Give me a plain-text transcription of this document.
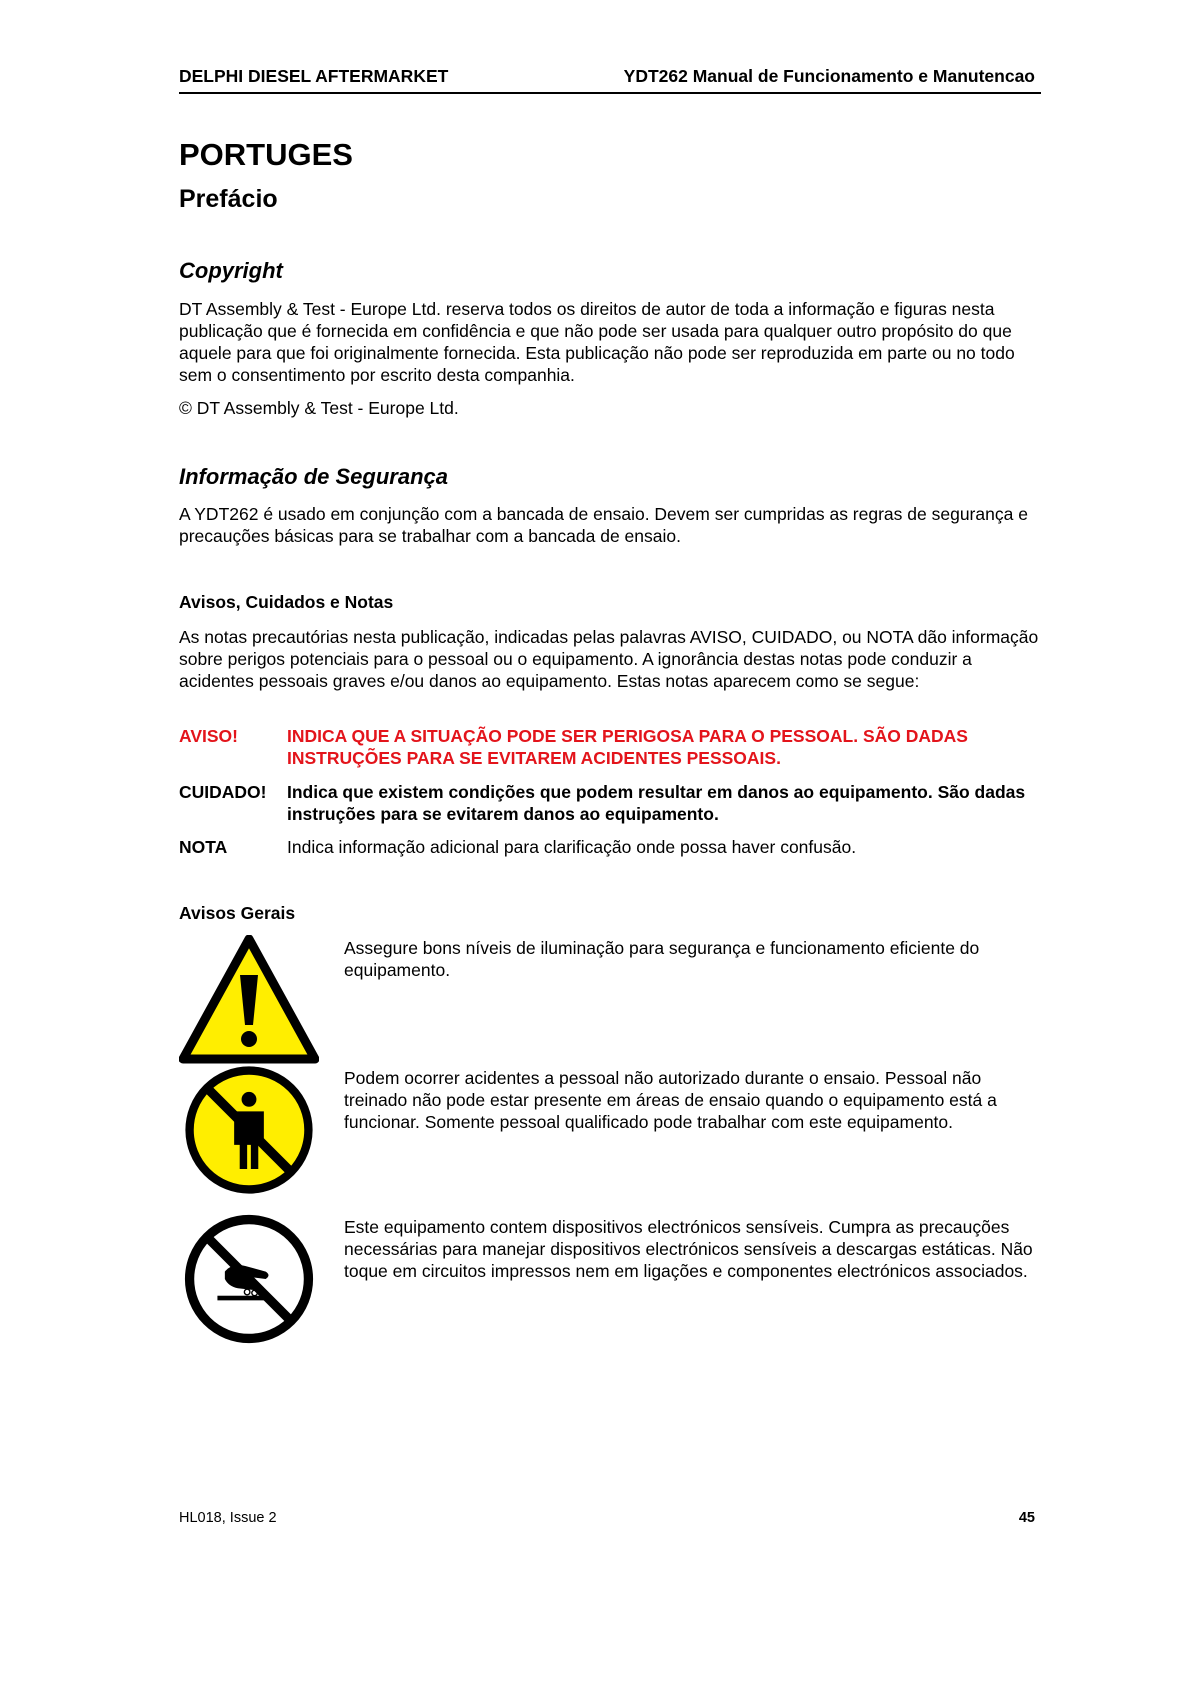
DELPHI DIESEL AFTERMARKET	YDT262 Manual de Funcionamento e Manutencao
PORTUGES
Prefácio
Copyright
DT Assembly & Test - Europe Ltd. reserva todos os direitos de autor de toda a informação e figuras nesta publicação que é fornecida em confidência e que não pode ser usada para qualquer outro propósito do que aquele para que foi originalmente fornecida. Esta publicação não pode ser reproduzida em parte ou no todo sem o consentimento por escrito desta companhia.
© DT Assembly & Test - Europe Ltd.
Informação de Segurança
A YDT262 é usado em conjunção com a bancada de ensaio. Devem ser cumpridas as regras de segurança e precauções básicas para se trabalhar com a bancada de ensaio.
Avisos, Cuidados e Notas
As notas precautórias nesta publicação, indicadas pelas palavras AVISO, CUIDADO, ou NOTA dão informação sobre perigos potenciais para o pessoal ou o equipamento. A ignorância destas notas pode conduzir a acidentes pessoais graves e/ou danos ao equipamento. Estas notas aparecem como se segue:
AVISO!	INDICA QUE A SITUAÇÃO PODE SER PERIGOSA PARA O PESSOAL. SÃO DADAS INSTRUÇÕES PARA SE EVITAREM ACIDENTES PESSOAIS.
CUIDADO! Indica que existem condições que podem resultar em danos ao equipamento. São dadas instruções para se evitarem danos ao equipamento.
NOTA	Indica informação adicional para clarificação onde possa haver confusão.
Avisos Gerais
Assegure bons níveis de iluminação para segurança e funcionamento eficiente do equipamento.
Podem ocorrer acidentes a pessoal não autorizado durante o ensaio. Pessoal não treinado não pode estar presente em áreas de ensaio quando o equipamento está a funcionar. Somente pessoal qualificado pode trabalhar com este equipamento.
Este equipamento contem dispositivos electrónicos sensíveis. Cumpra as precauções necessárias para manejar dispositivos electrónicos sensíveis a descargas estáticas. Não toque em circuitos impressos nem em ligações e componentes electrónicos associados.
HL018, Issue 2	45
